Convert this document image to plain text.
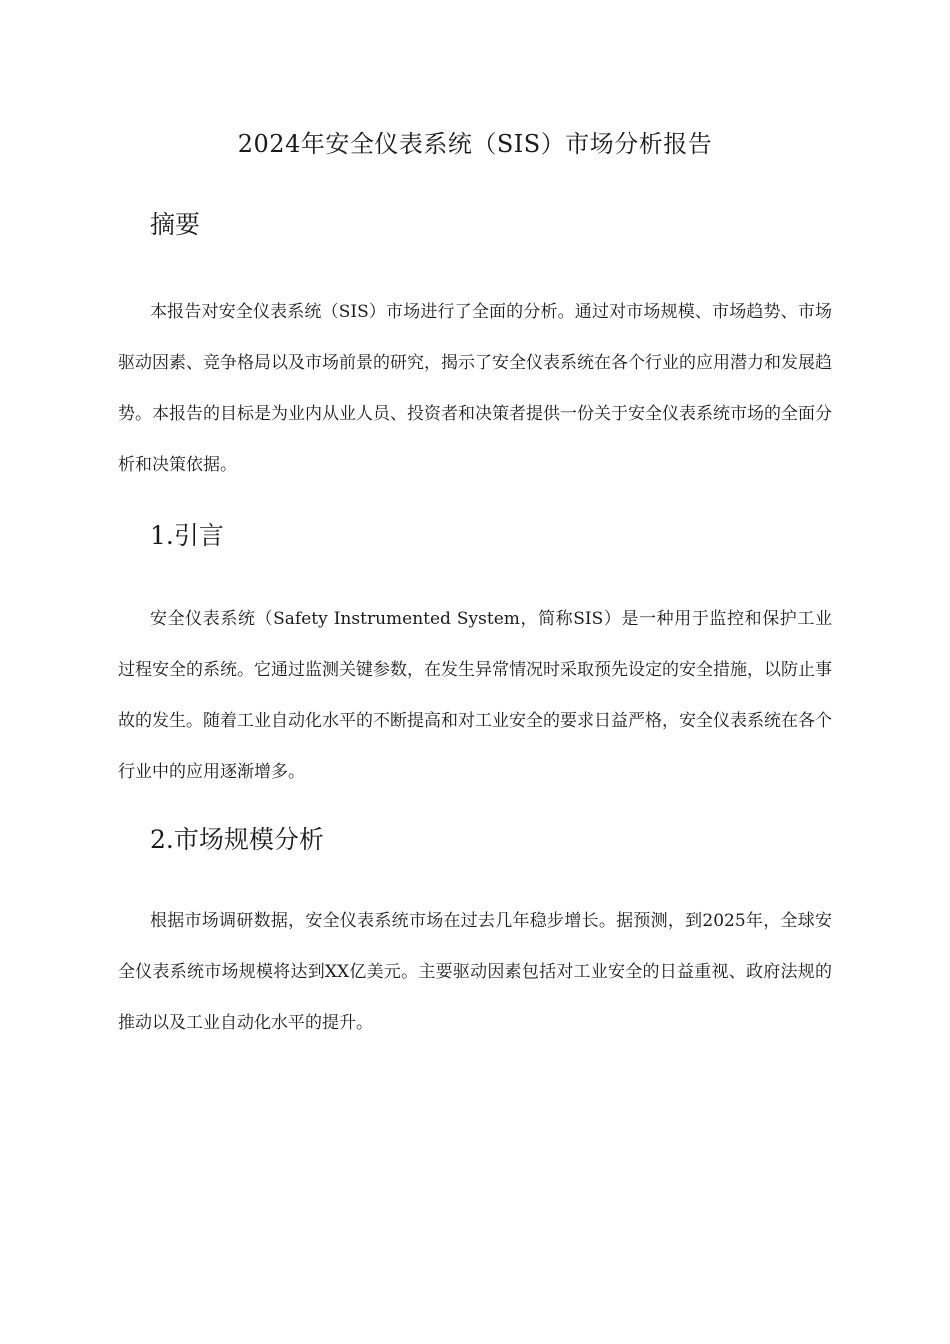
2024年安全仪表系统（SIS）市场分析报告
摘要

本报告对安全仪表系统（SIS）市场进行了全面的分析。通过对市场规模、市场趋势、市场驱动因素、竞争格局以及市场前景的研究，揭示了安全仪表系统在各个行业的应用潜力和发展趋势。本报告的目标是为业内从业人员、投资者和决策者提供一份关于安全仪表系统市场的全面分析和决策依据。

1.引言

安全仪表系统（Safety Instrumented System，简称SIS）是一种用于监控和保护工业过程安全的系统。它通过监测关键参数，在发生异常情况时采取预先设定的安全措施，以防止事故的发生。随着工业自动化水平的不断提高和对工业安全的要求日益严格，安全仪表系统在各个行业中的应用逐渐增多。

2.市场规模分析

根据市场调研数据，安全仪表系统市场在过去几年稳步增长。据预测，到2025年，全球安全仪表系统市场规模将达到XX亿美元。主要驱动因素包括对工业安全的日益重视、政府法规的推动以及工业自动化水平的提升。
